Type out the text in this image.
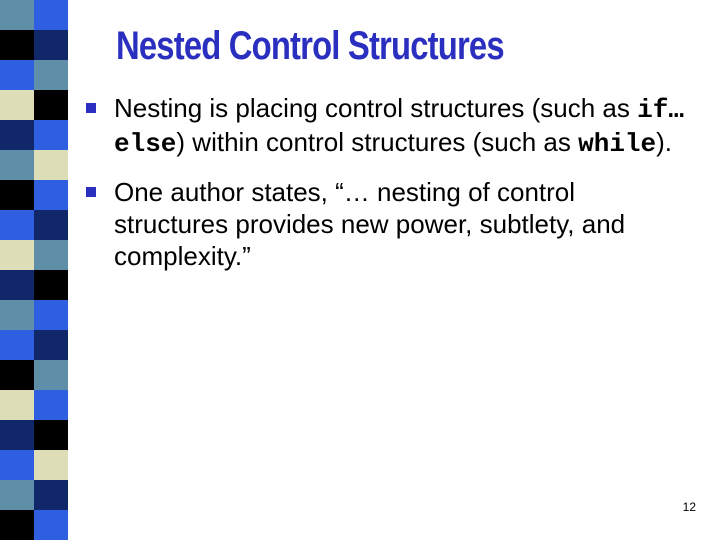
Nested Control Structures
Nesting is placing control structures (such as if…else) within control structures (such as while).
One author states, “… nesting of control structures provides new power, subtlety, and complexity.”
12
